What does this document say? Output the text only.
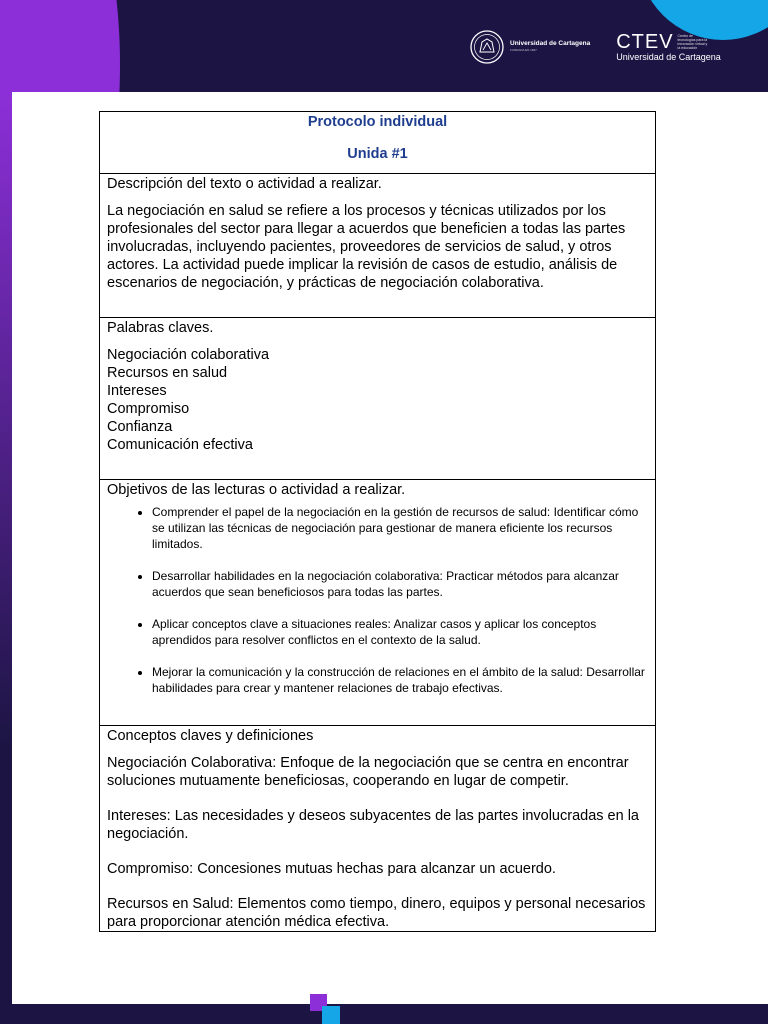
Universidad de Cartagena
FUNDADA EN 1827	CTEV Centro de tecnologías para la innovación virtual y la educación
Universidad de Cartagena
Protocolo individual
Unida #1

Descripción del texto o actividad a realizar.
La negociación en salud se refiere a los procesos y técnicas utilizados por los profesionales del sector para llegar a acuerdos que beneficien a todas las partes involucradas, incluyendo pacientes, proveedores de servicios de salud, y otros actores. La actividad puede implicar la revisión de casos de estudio, análisis de escenarios de negociación, y prácticas de negociación colaborativa.

Palabras claves.
Negociación colaborativa
Recursos en salud
Intereses
Compromiso
Confianza
Comunicación efectiva

Objetivos de las lecturas o actividad a realizar.
• Comprender el papel de la negociación en la gestión de recursos de salud: Identificar cómo se utilizan las técnicas de negociación para gestionar de manera eficiente los recursos limitados.
• Desarrollar habilidades en la negociación colaborativa: Practicar métodos para alcanzar acuerdos que sean beneficiosos para todas las partes.
• Aplicar conceptos clave a situaciones reales: Analizar casos y aplicar los conceptos aprendidos para resolver conflictos en el contexto de la salud.
• Mejorar la comunicación y la construcción de relaciones en el ámbito de la salud: Desarrollar habilidades para crear y mantener relaciones de trabajo efectivas.

Conceptos claves y definiciones
Negociación Colaborativa: Enfoque de la negociación que se centra en encontrar soluciones mutuamente beneficiosas, cooperando en lugar de competir.
Intereses: Las necesidades y deseos subyacentes de las partes involucradas en la negociación.
Compromiso: Concesiones mutuas hechas para alcanzar un acuerdo.
Recursos en Salud: Elementos como tiempo, dinero, equipos y personal necesarios para proporcionar atención médica efectiva.
